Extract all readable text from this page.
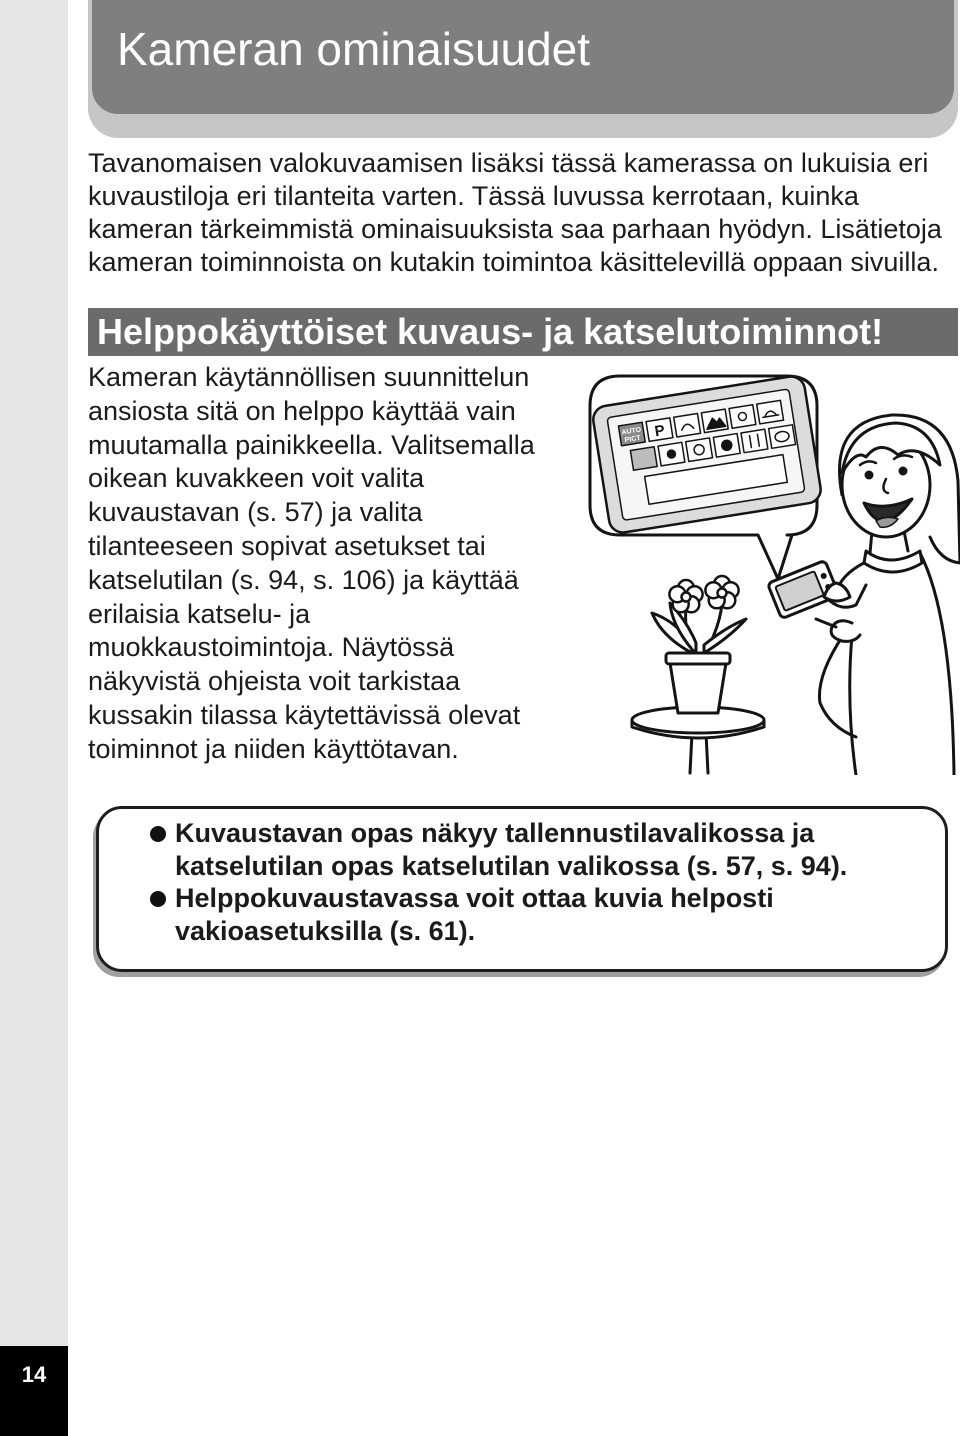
14
Kameran ominaisuudet
Tavanomaisen valokuvaamisen lisäksi tässä kamerassa on lukuisia eri
kuvaustiloja eri tilanteita varten. Tässä luvussa kerrotaan, kuinka
kameran tärkeimmistä ominaisuuksista saa parhaan hyödyn. Lisätietoja
kameran toiminnoista on kutakin toimintoa käsittelevillä oppaan sivuilla.
Helppokäyttöiset kuvaus- ja katselutoiminnot!
Kameran käytännöllisen suunnittelun
ansiosta sitä on helppo käyttää vain
muutamalla painikkeella. Valitsemalla
oikean kuvakkeen voit valita
kuvaustavan (s. 57) ja valita
tilanteeseen sopivat asetukset tai
katselutilan (s. 94, s. 106) ja käyttää
erilaisia katselu- ja
muokkaustoimintoja. Näytössä
näkyvistä ohjeista voit tarkistaa
kussakin tilassa käytettävissä olevat
toiminnot ja niiden käyttötavan.
AUTO
PICT P
Kuvaustavan opas näkyy tallennustilavalikossa ja
katselutilan opas katselutilan valikossa (s. 57, s. 94).
Helppokuvaustavassa voit ottaa kuvia helposti
vakioasetuksilla (s. 61).
